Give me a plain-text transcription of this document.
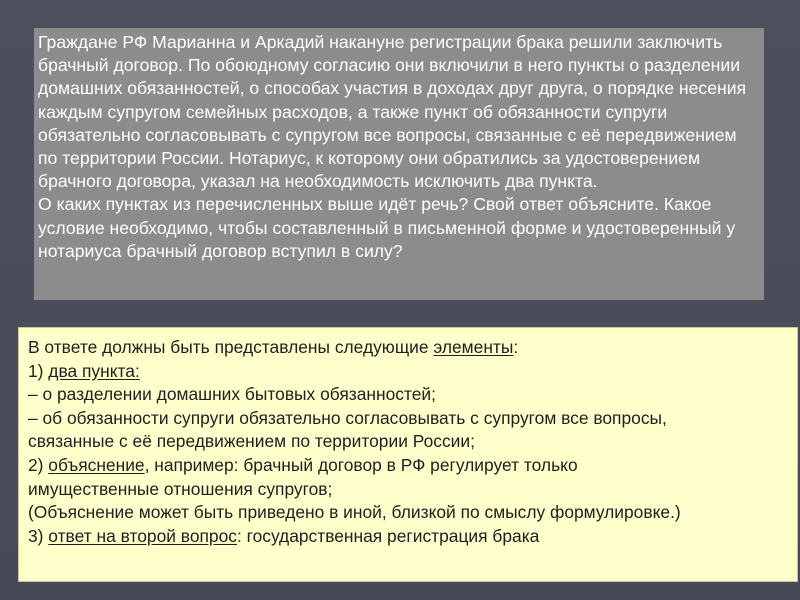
Граждане РФ Марианна и Аркадий накануне регистрации брака решили заключить брачный договор. По обоюдному согласию они включили в него пункты о разделении домашних обязанностей, о способах участия в доходах друг друга, о порядке несения каждым супругом семейных расходов, а также пункт об обязанности супруги обязательно согласовывать с супругом все вопросы, связанные с её передвижением по территории России. Нотариус, к которому они обратились за удостоверением брачного договора, указал на необходимость исключить два пункта.

О каких пунктах из перечисленных выше идёт речь? Свой ответ объясните. Какое условие необходимо, чтобы составленный в письменной форме и удостоверенный у нотариуса брачный договор вступил в силу?

В ответе должны быть представлены следующие элементы:
1) два пункта:
– о разделении домашних бытовых обязанностей;
– об обязанности супруги обязательно согласовывать с супругом все вопросы,
связанные с её передвижением по территории России;
2) объяснение, например: брачный договор в РФ регулирует только
имущественные отношения супругов;
(Объяснение может быть приведено в иной, близкой по смыслу формулировке.)
3) ответ на второй вопрос: государственная регистрация брака
